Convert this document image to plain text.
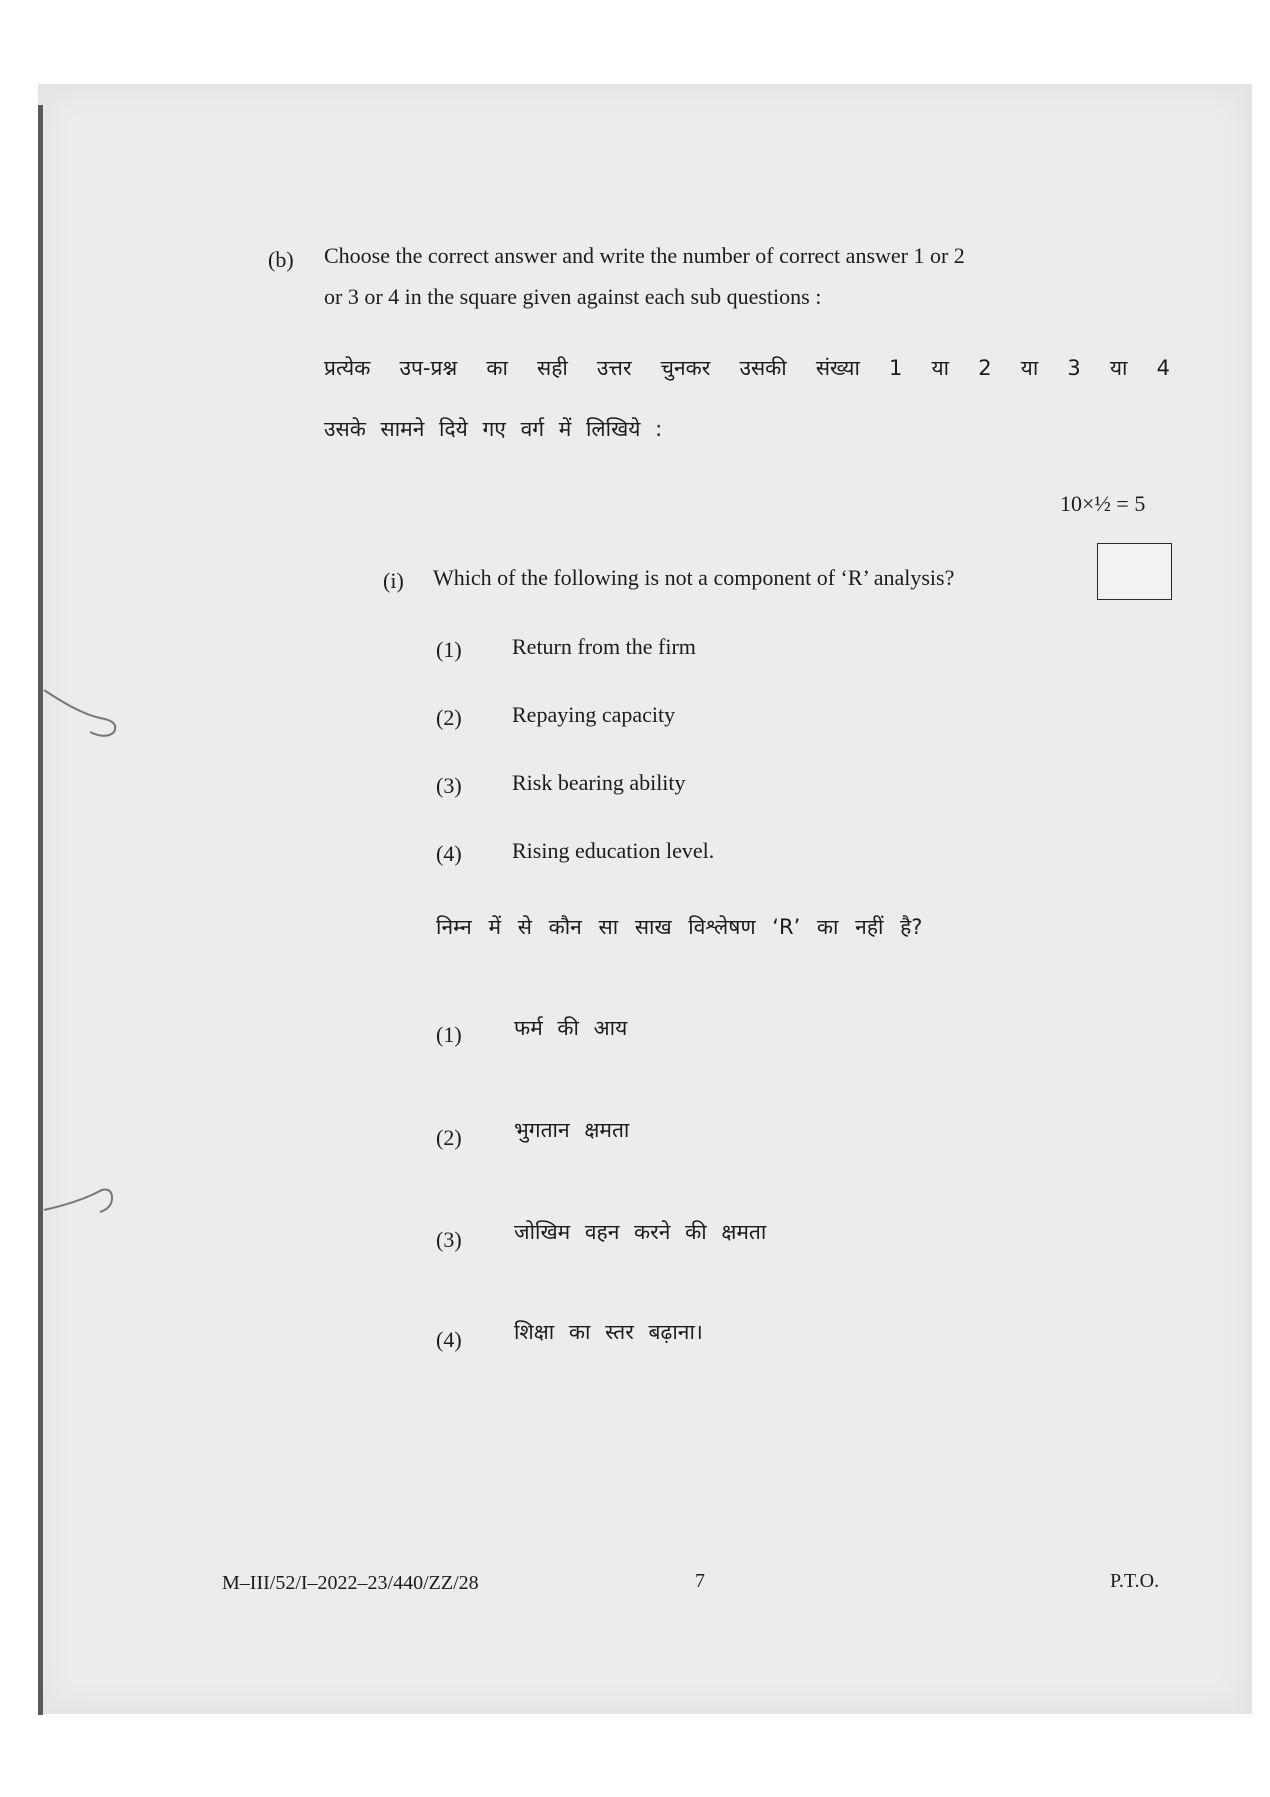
(b) Choose the correct answer and write the number of correct answer 1 or 2
or 3 or 4 in the square given against each sub questions :
प्रत्येक उप-प्रश्न का सही उत्तर चुनकर उसकी संख्या 1 या 2 या 3 या 4
उसके सामने दिये गए वर्ग में लिखिये :
10×½ = 5
(i) Which of the following is not a component of ‘R’ analysis?
(1) Return from the firm
(2) Repaying capacity
(3) Risk bearing ability
(4) Rising education level.
निम्न में से कौन सा साख विश्लेषण ‘R’ का नहीं है?
(1) फर्म की आय
(2) भुगतान क्षमता
(3) जोखिम वहन करने की क्षमता
(4) शिक्षा का स्तर बढ़ाना।
M–III/52/I–2022–23/440/ZZ/28	7	P.T.O.
